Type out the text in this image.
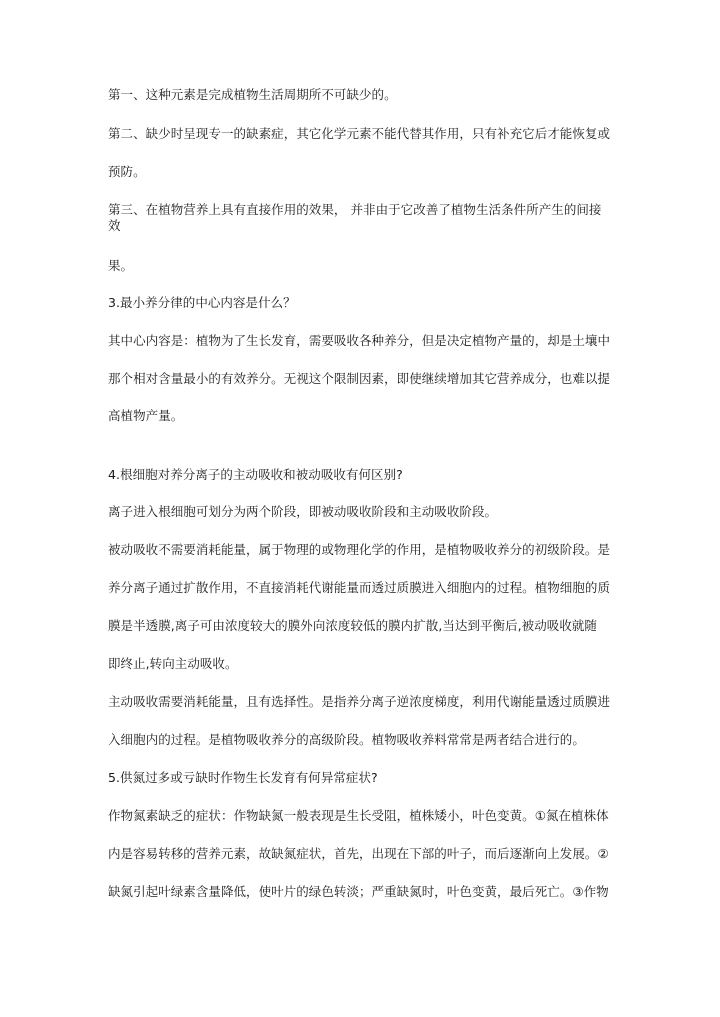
第一、这种元素是完成植物生活周期所不可缺少的。

第二、缺少时呈现专一的缺素症，其它化学元素不能代替其作用，只有补充它后才能恢复或

预防。

第三、在植物营养上具有直接作用的效果， 并非由于它改善了植物生活条件所产生的间接

效

果。

3.最小养分律的中心内容是什么？

其中心内容是：植物为了生长发育，需要吸收各种养分，但是决定植物产量的，却是土壤中

那个相对含量最小的有效养分。无视这个限制因素，即使继续增加其它营养成分，也难以提

高植物产量。

4.根细胞对养分离子的主动吸收和被动吸收有何区别?

离子进入根细胞可划分为两个阶段，即被动吸收阶段和主动吸收阶段。

被动吸收不需要消耗能量，属于物理的或物理化学的作用，是植物吸收养分的初级阶段。是

养分离子通过扩散作用，不直接消耗代谢能量而透过质膜进入细胞内的过程。植物细胞的质

膜是半透膜,离子可由浓度较大的膜外向浓度较低的膜内扩散,当达到平衡后,被动吸收就随

即终止,转向主动吸收。

主动吸收需要消耗能量，且有选择性。是指养分离子逆浓度梯度，利用代谢能量透过质膜进

入细胞内的过程。是植物吸收养分的高级阶段。植物吸收养料常常是两者结合进行的。

5.供氮过多或亏缺时作物生长发育有何异常症状?

作物氮素缺乏的症状：作物缺氮一般表现是生长受阻，植株矮小，叶色变黄。①氮在植株体

内是容易转移的营养元素，故缺氮症状，首先，出现在下部的叶子，而后逐渐向上发展。②

缺氮引起叶绿素含量降低，使叶片的绿色转淡；严重缺氮时，叶色变黄，最后死亡。③作物
